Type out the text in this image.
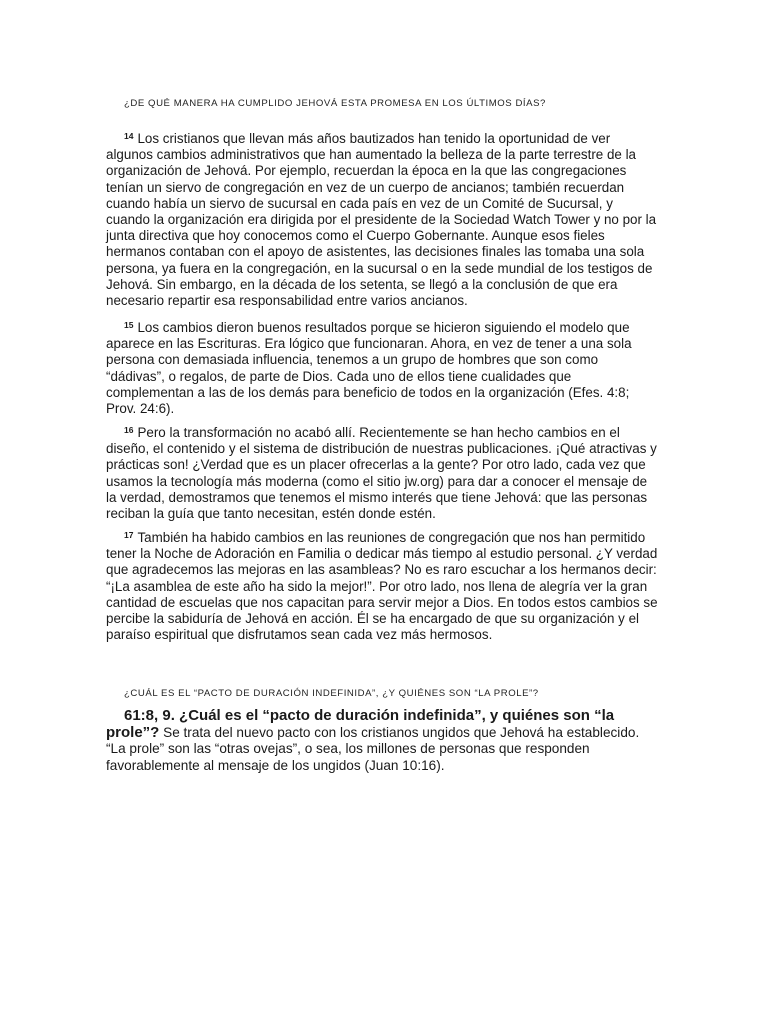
¿DE QUÉ MANERA HA CUMPLIDO JEHOVÁ ESTA PROMESA EN LOS ÚLTIMOS DÍAS?

$^{14}$ Los cristianos que llevan más años bautizados han tenido la oportunidad de ver algunos cambios administrativos que han aumentado la belleza de la parte terrestre de la organización de Jehová. Por ejemplo, recuerdan la época en la que las congregaciones tenían un siervo de congregación en vez de un cuerpo de ancianos; también recuerdan cuando había un siervo de sucursal en cada país en vez de un Comité de Sucursal, y cuando la organización era dirigida por el presidente de la Sociedad Watch Tower y no por la junta directiva que hoy conocemos como el Cuerpo Gobernante. Aunque esos fieles hermanos contaban con el apoyo de asistentes, las decisiones finales las tomaba una sola persona, ya fuera en la congregación, en la sucursal o en la sede mundial de los testigos de Jehová. Sin embargo, en la década de los setenta, se llegó a la conclusión de que era necesario repartir esa responsabilidad entre varios ancianos.

$^{15}$ Los cambios dieron buenos resultados porque se hicieron siguiendo el modelo que aparece en las Escrituras. Era lógico que funcionaran. Ahora, en vez de tener a una sola persona con demasiada influencia, tenemos a un grupo de hombres que son como “dádivas”, o regalos, de parte de Dios. Cada uno de ellos tiene cualidades que complementan a las de los demás para beneficio de todos en la organización (Efes. 4:8; Prov. 24:6).

$^{16}$ Pero la transformación no acabó allí. Recientemente se han hecho cambios en el diseño, el contenido y el sistema de distribución de nuestras publicaciones. ¡Qué atractivas y prácticas son! ¿Verdad que es un placer ofrecerlas a la gente? Por otro lado, cada vez que usamos la tecnología más moderna (como el sitio jw.org) para dar a conocer el mensaje de la verdad, demostramos que tenemos el mismo interés que tiene Jehová: que las personas reciban la guía que tanto necesitan, estén donde estén.

$^{17}$ También ha habido cambios en las reuniones de congregación que nos han permitido tener la Noche de Adoración en Familia o dedicar más tiempo al estudio personal. ¿Y verdad que agradecemos las mejoras en las asambleas? No es raro escuchar a los hermanos decir: “¡La asamblea de este año ha sido la mejor!”. Por otro lado, nos llena de alegría ver la gran cantidad de escuelas que nos capacitan para servir mejor a Dios. En todos estos cambios se percibe la sabiduría de Jehová en acción. Él se ha encargado de que su organización y el paraíso espiritual que disfrutamos sean cada vez más hermosos.

¿CUÁL ES EL “PACTO DE DURACIÓN INDEFINIDA”, ¿Y QUIÉNES SON “LA PROLE”?

61:8, 9. ¿Cuál es el “pacto de duración indefinida”, y quiénes son “la prole”? Se trata del nuevo pacto con los cristianos ungidos que Jehová ha establecido. “La prole” son las “otras ovejas”, o sea, los millones de personas que responden favorablemente al mensaje de los ungidos (Juan 10:16).
